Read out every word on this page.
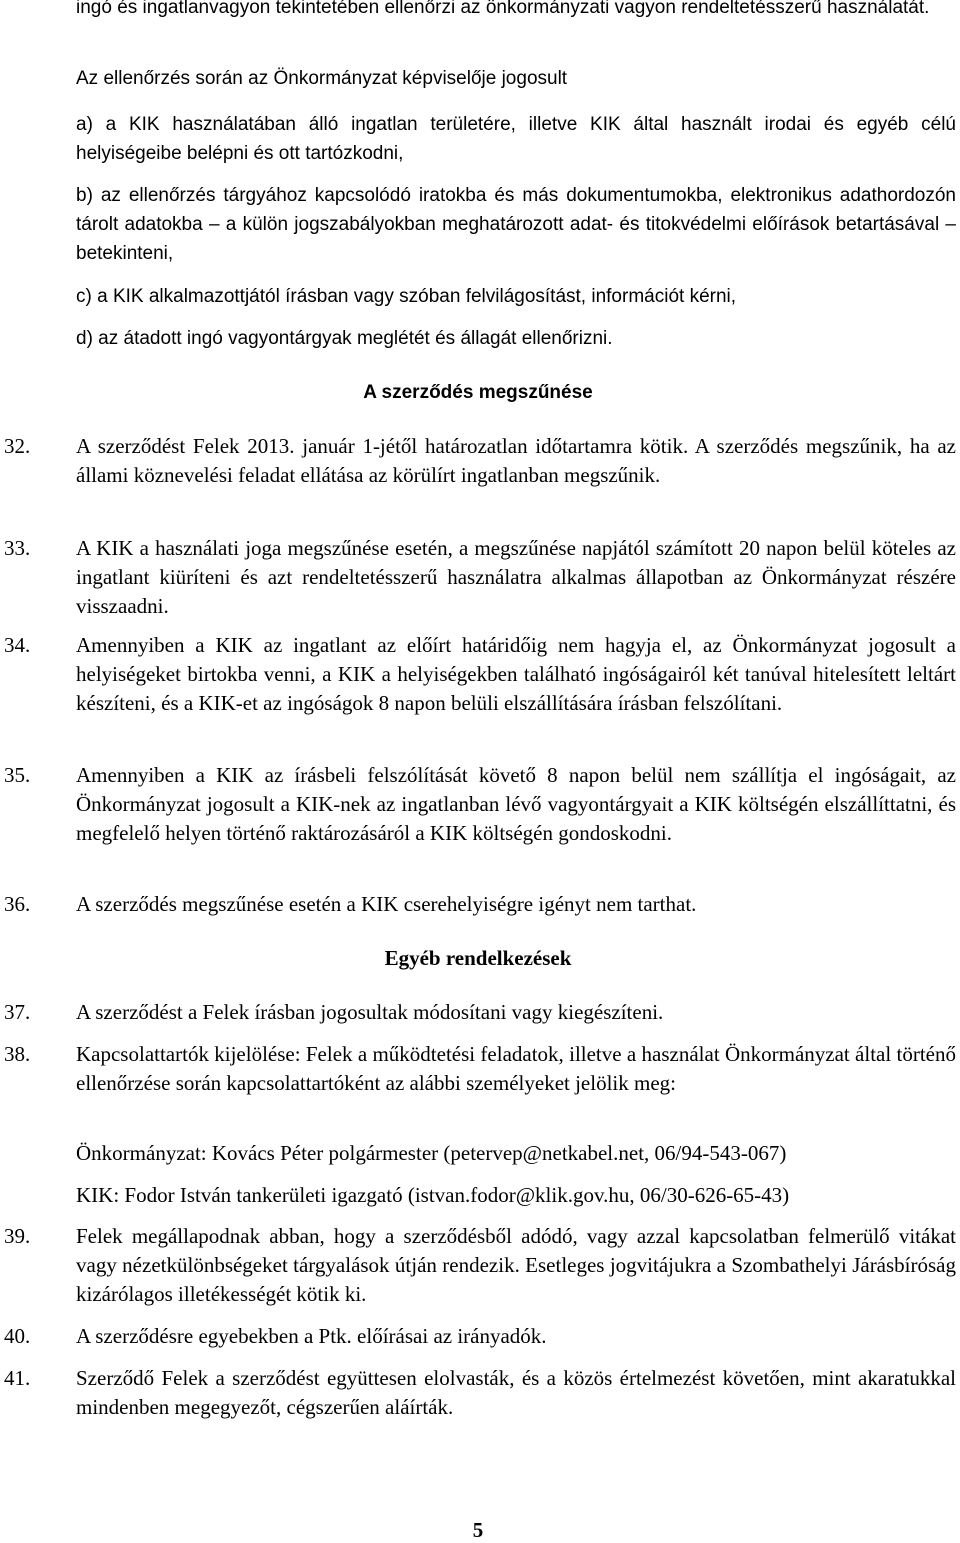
ingó és ingatlanvagyon tekintetében ellenőrzi az önkormányzati vagyon rendeltetésszerű használatát.
Az ellenőrzés során az Önkormányzat képviselője jogosult
a) a KIK használatában álló ingatlan területére, illetve KIK által használt irodai és egyéb célú helyiségeibe belépni és ott tartózkodni,
b) az ellenőrzés tárgyához kapcsolódó iratokba és más dokumentumokba, elektronikus adathordozón tárolt adatokba – a külön jogszabályokban meghatározott adat- és titokvédelmi előírások betartásával – betekinteni,
c) a KIK alkalmazottjától írásban vagy szóban felvilágosítást, információt kérni,
d) az átadott ingó vagyontárgyak meglétét és állagát ellenőrizni.
A szerződés megszűnése
32. A szerződést Felek 2013. január 1-jétől határozatlan időtartamra kötik. A szerződés megszűnik, ha az állami köznevelési feladat ellátása az körülírt ingatlanban megszűnik.
33. A KIK a használati joga megszűnése esetén, a megszűnése napjától számított 20 napon belül köteles az ingatlant kiüríteni és azt rendeltetésszerű használatra alkalmas állapotban az Önkormányzat részére visszaadni.
34. Amennyiben a KIK az ingatlant az előírt határidőig nem hagyja el, az Önkormányzat jogosult a helyiségeket birtokba venni, a KIK a helyiségekben található ingóságairól két tanúval hitelesített leltárt készíteni, és a KIK-et az ingóságok 8 napon belüli elszállítására írásban felszólítani.
35. Amennyiben a KIK az írásbeli felszólítását követő 8 napon belül nem szállítja el ingóságait, az Önkormányzat jogosult a KIK-nek az ingatlanban lévő vagyontárgyait a KIK költségén elszállíttatni, és megfelelő helyen történő raktározásáról a KIK költségén gondoskodni.
36. A szerződés megszűnése esetén a KIK cserehelyiségre igényt nem tarthat.
Egyéb rendelkezések
37. A szerződést a Felek írásban jogosultak módosítani vagy kiegészíteni.
38. Kapcsolattartók kijelölése: Felek a működtetési feladatok, illetve a használat Önkormányzat által történő ellenőrzése során kapcsolattartóként az alábbi személyeket jelölik meg:
Önkormányzat: Kovács Péter polgármester (petervep@netkabel.net, 06/94-543-067)
KIK: Fodor István tankerületi igazgató (istvan.fodor@klik.gov.hu, 06/30-626-65-43)
39. Felek megállapodnak abban, hogy a szerződésből adódó, vagy azzal kapcsolatban felmerülő vitákat vagy nézetkülönbségeket tárgyalások útján rendezik. Esetleges jogvitájukra a Szombathelyi Járásbíróság kizárólagos illetékességét kötik ki.
40. A szerződésre egyebekben a Ptk. előírásai az irányadók.
41. Szerződő Felek a szerződést együttesen elolvasták, és a közös értelmezést követően, mint akaratukkal mindenben megegyezőt, cégszerűen aláírták.
5
